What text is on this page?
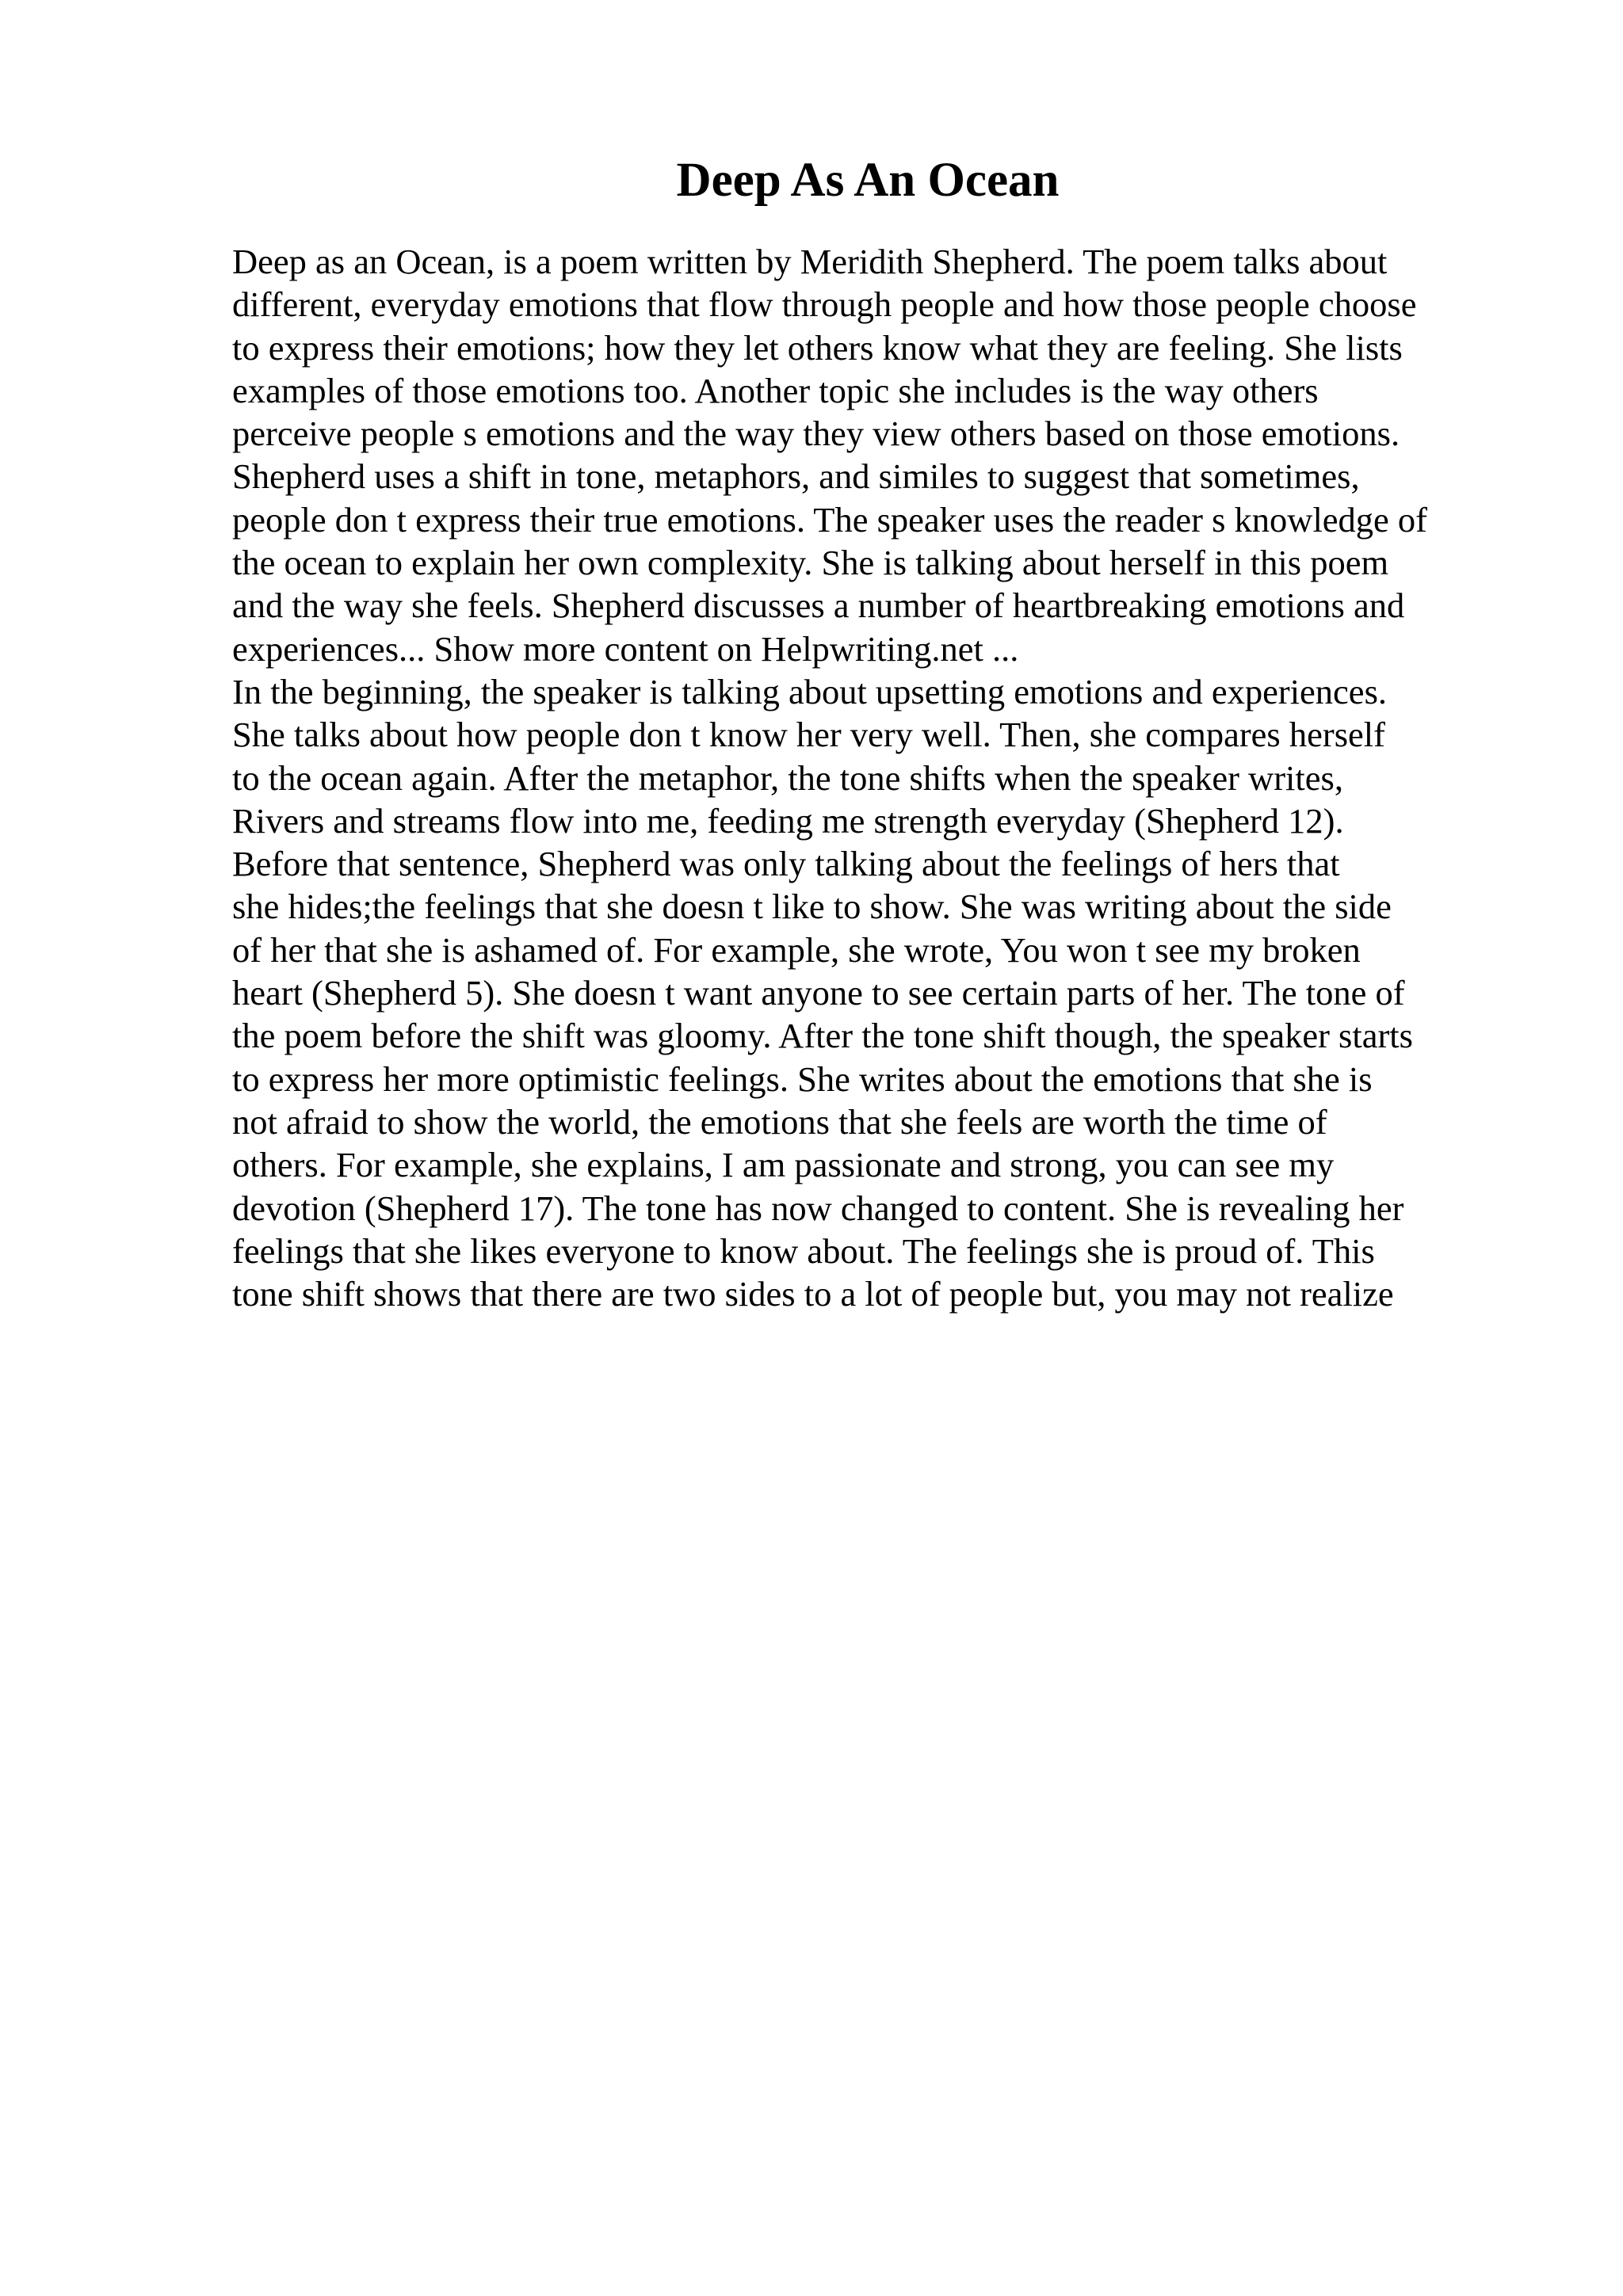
Deep As An Ocean
Deep as an Ocean, is a poem written by Meridith Shepherd. The poem talks about
different, everyday emotions that flow through people and how those people choose
to express their emotions; how they let others know what they are feeling. She lists
examples of those emotions too. Another topic she includes is the way others
perceive people s emotions and the way they view others based on those emotions.
Shepherd uses a shift in tone, metaphors, and similes to suggest that sometimes,
people don t express their true emotions. The speaker uses the reader s knowledge of
the ocean to explain her own complexity. She is talking about herself in this poem
and the way she feels. Shepherd discusses a number of heartbreaking emotions and
experiences... Show more content on Helpwriting.net ...
In the beginning, the speaker is talking about upsetting emotions and experiences.
She talks about how people don t know her very well. Then, she compares herself
to the ocean again. After the metaphor, the tone shifts when the speaker writes,
Rivers and streams flow into me, feeding me strength everyday (Shepherd 12).
Before that sentence, Shepherd was only talking about the feelings of hers that
she hides;the feelings that she doesn t like to show. She was writing about the side
of her that she is ashamed of. For example, she wrote, You won t see my broken
heart (Shepherd 5). She doesn t want anyone to see certain parts of her. The tone of
the poem before the shift was gloomy. After the tone shift though, the speaker starts
to express her more optimistic feelings. She writes about the emotions that she is
not afraid to show the world, the emotions that she feels are worth the time of
others. For example, she explains, I am passionate and strong, you can see my
devotion (Shepherd 17). The tone has now changed to content. She is revealing her
feelings that she likes everyone to know about. The feelings she is proud of. This
tone shift shows that there are two sides to a lot of people but, you may not realize
